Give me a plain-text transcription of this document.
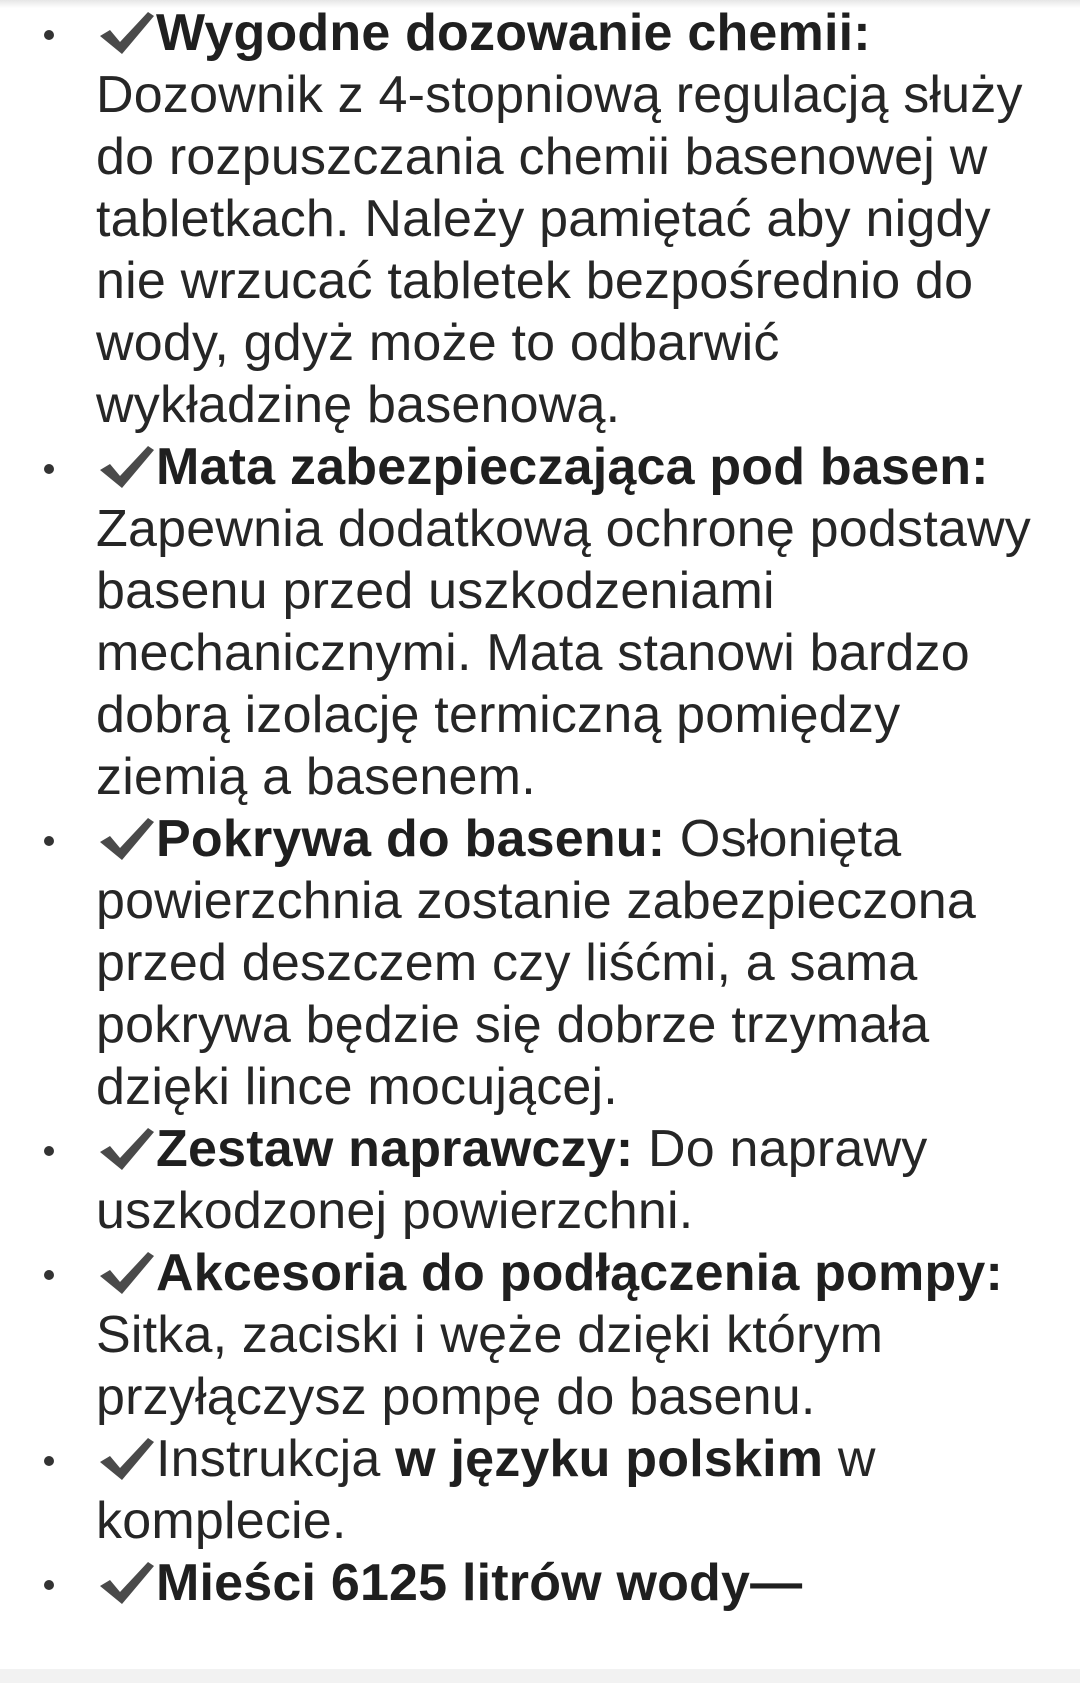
Wygodne dozowanie chemii: Dozownik z 4-stopniową regulacją służy do rozpuszczania chemii basenowej w tabletkach. Należy pamiętać aby nigdy nie wrzucać tabletek bezpośrednio do wody, gdyż może to odbarwić wykładzinę basenową.
Mata zabezpieczająca pod basen: Zapewnia dodatkową ochronę podstawy basenu przed uszkodzeniami mechanicznymi. Mata stanowi bardzo dobrą izolację termiczną pomiędzy ziemią a basenem.
Pokrywa do basenu: Osłonięta powierzchnia zostanie zabezpieczona przed deszczem czy liśćmi, a sama pokrywa będzie się dobrze trzymała dzięki lince mocującej.
Zestaw naprawczy: Do naprawy uszkodzonej powierzchni.
Akcesoria do podłączenia pompy: Sitka, zaciski i węże dzięki którym przyłączysz pompę do basenu.
Instrukcja w języku polskim w komplecie.
Mieści 6125 litrów wody—
